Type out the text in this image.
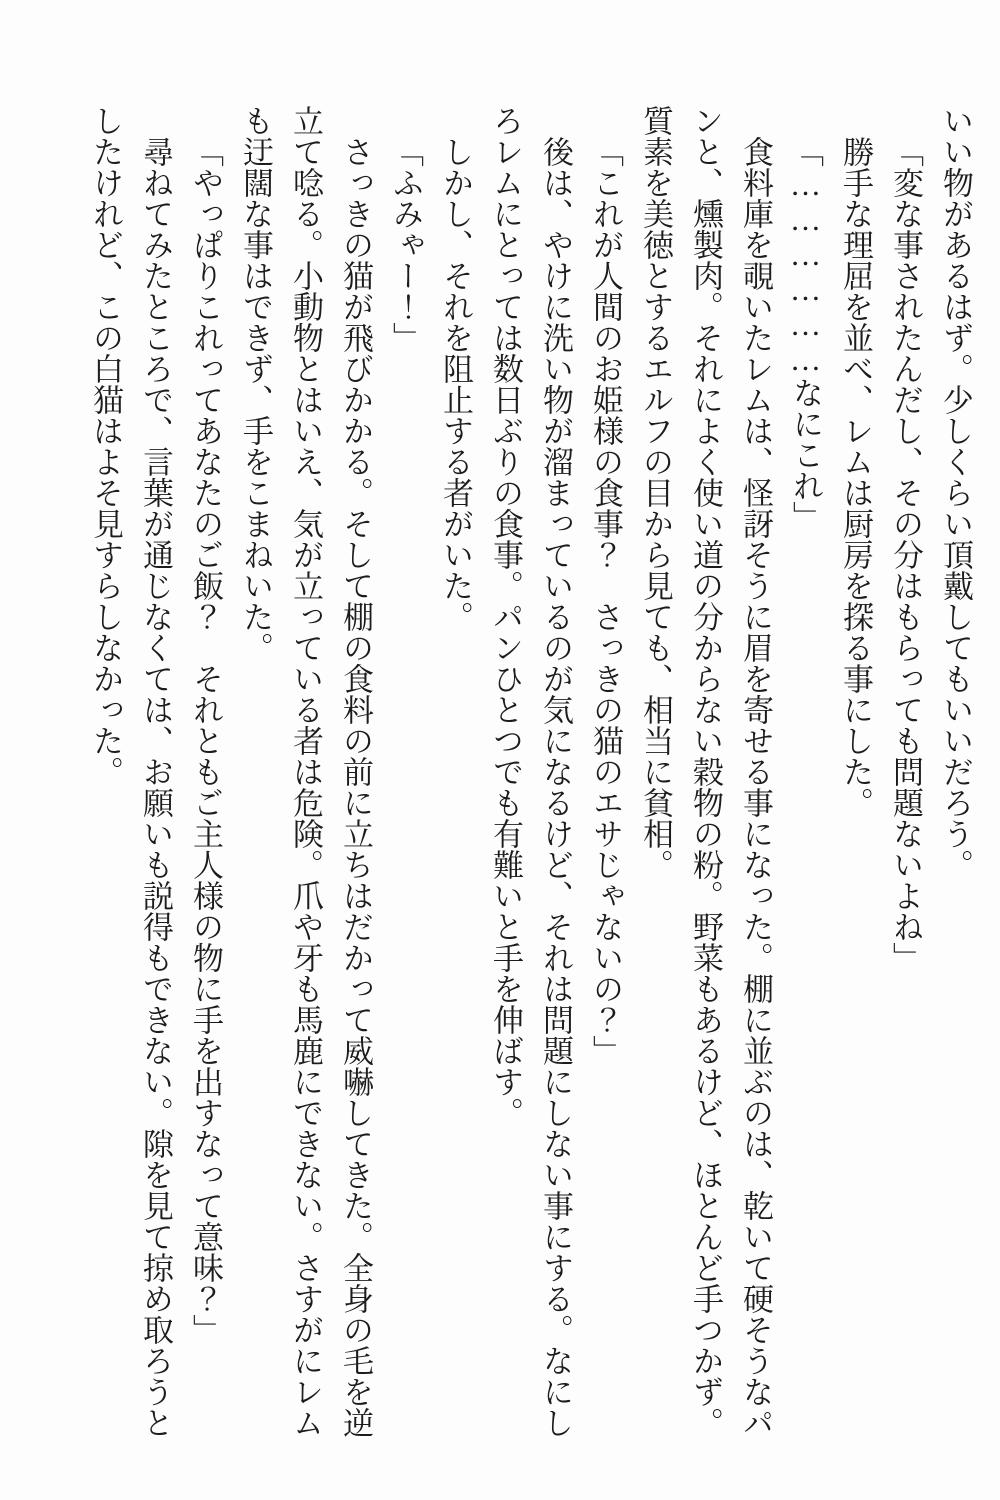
いい物があるはず。少しくらい頂戴してもいいだろう。

「変な事されたんだし、その分はもらっても問題ないよね」

勝手な理屈を並べ、レムは厨房を探る事にした。

「………………なにこれ」

食料庫を覗いたレムは、怪訝そうに眉を寄せる事になった。棚に並ぶのは、乾いて硬そうなパンと、燻製肉。それによく使い道の分からない穀物の粉。野菜もあるけど、ほとんど手つかず。質素を美徳とするエルフの目から見ても、相当に貧相。

「これが人間のお姫様の食事？　さっきの猫のエサじゃないの？」

後は、やけに洗い物が溜まっているのが気になるけど、それは問題にしない事にする。なにしろレムにとっては数日ぶりの食事。パンひとつでも有難いと手を伸ばす。

しかし、それを阻止する者がいた。

「ふみゃー！」

さっきの猫が飛びかかる。そして棚の食料の前に立ちはだかって威嚇してきた。全身の毛を逆立て唸る。小動物とはいえ、気が立っている者は危険。爪や牙も馬鹿にできない。さすがにレムも迂闊な事はできず、手をこまねいた。

「やっぱりこれってあなたのご飯？　それともご主人様の物に手を出すなって意味？」

尋ねてみたところで、言葉が通じなくては、お願いも説得もできない。隙を見て掠め取ろうとしたけれど、この白猫はよそ見すらしなかった。
